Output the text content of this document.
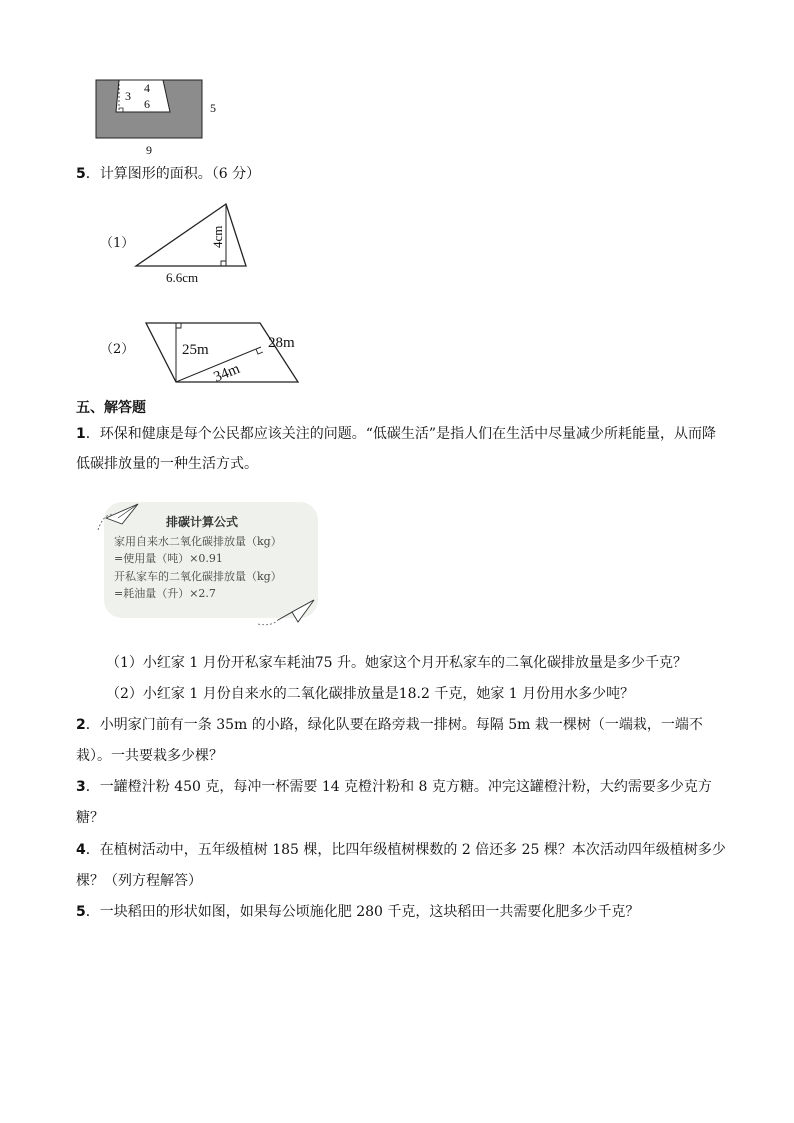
4
3
6	5
9
5．计算图形的面积。（6 分）
（1）
6.6cm
4cm
（2）	25m	28m
34m
五、解答题
1．环保和健康是每个公民都应该关注的问题。“低碳生活”是指人们在生活中尽量减少所耗能量，从而降
低碳排放量的一种生活方式。
排碳计算公式
家用自来水二氧化碳排放量（kg）
=使用量（吨）×0.91
开私家车的二氧化碳排放量（kg）
=耗油量（升）×2.7
（1）小红家 1 月份开私家车耗油75 升。她家这个月开私家车的二氧化碳排放量是多少千克？
（2）小红家 1 月份自来水的二氧化碳排放量是18.2 千克，她家 1 月份用水多少吨？
2．小明家门前有一条 35m 的小路，绿化队要在路旁栽一排树。每隔 5m 栽一棵树（一端栽，一端不
栽）。一共要栽多少棵？
3．一罐橙汁粉 450 克，每冲一杯需要 14 克橙汁粉和 8 克方糖。冲完这罐橙汁粉，大约需要多少克方
糖？
4．在植树活动中，五年级植树 185 棵，比四年级植树棵数的 2 倍还多 25 棵？本次活动四年级植树多少
棵？（列方程解答）
5．一块稻田的形状如图，如果每公顷施化肥 280 千克，这块稻田一共需要化肥多少千克？
